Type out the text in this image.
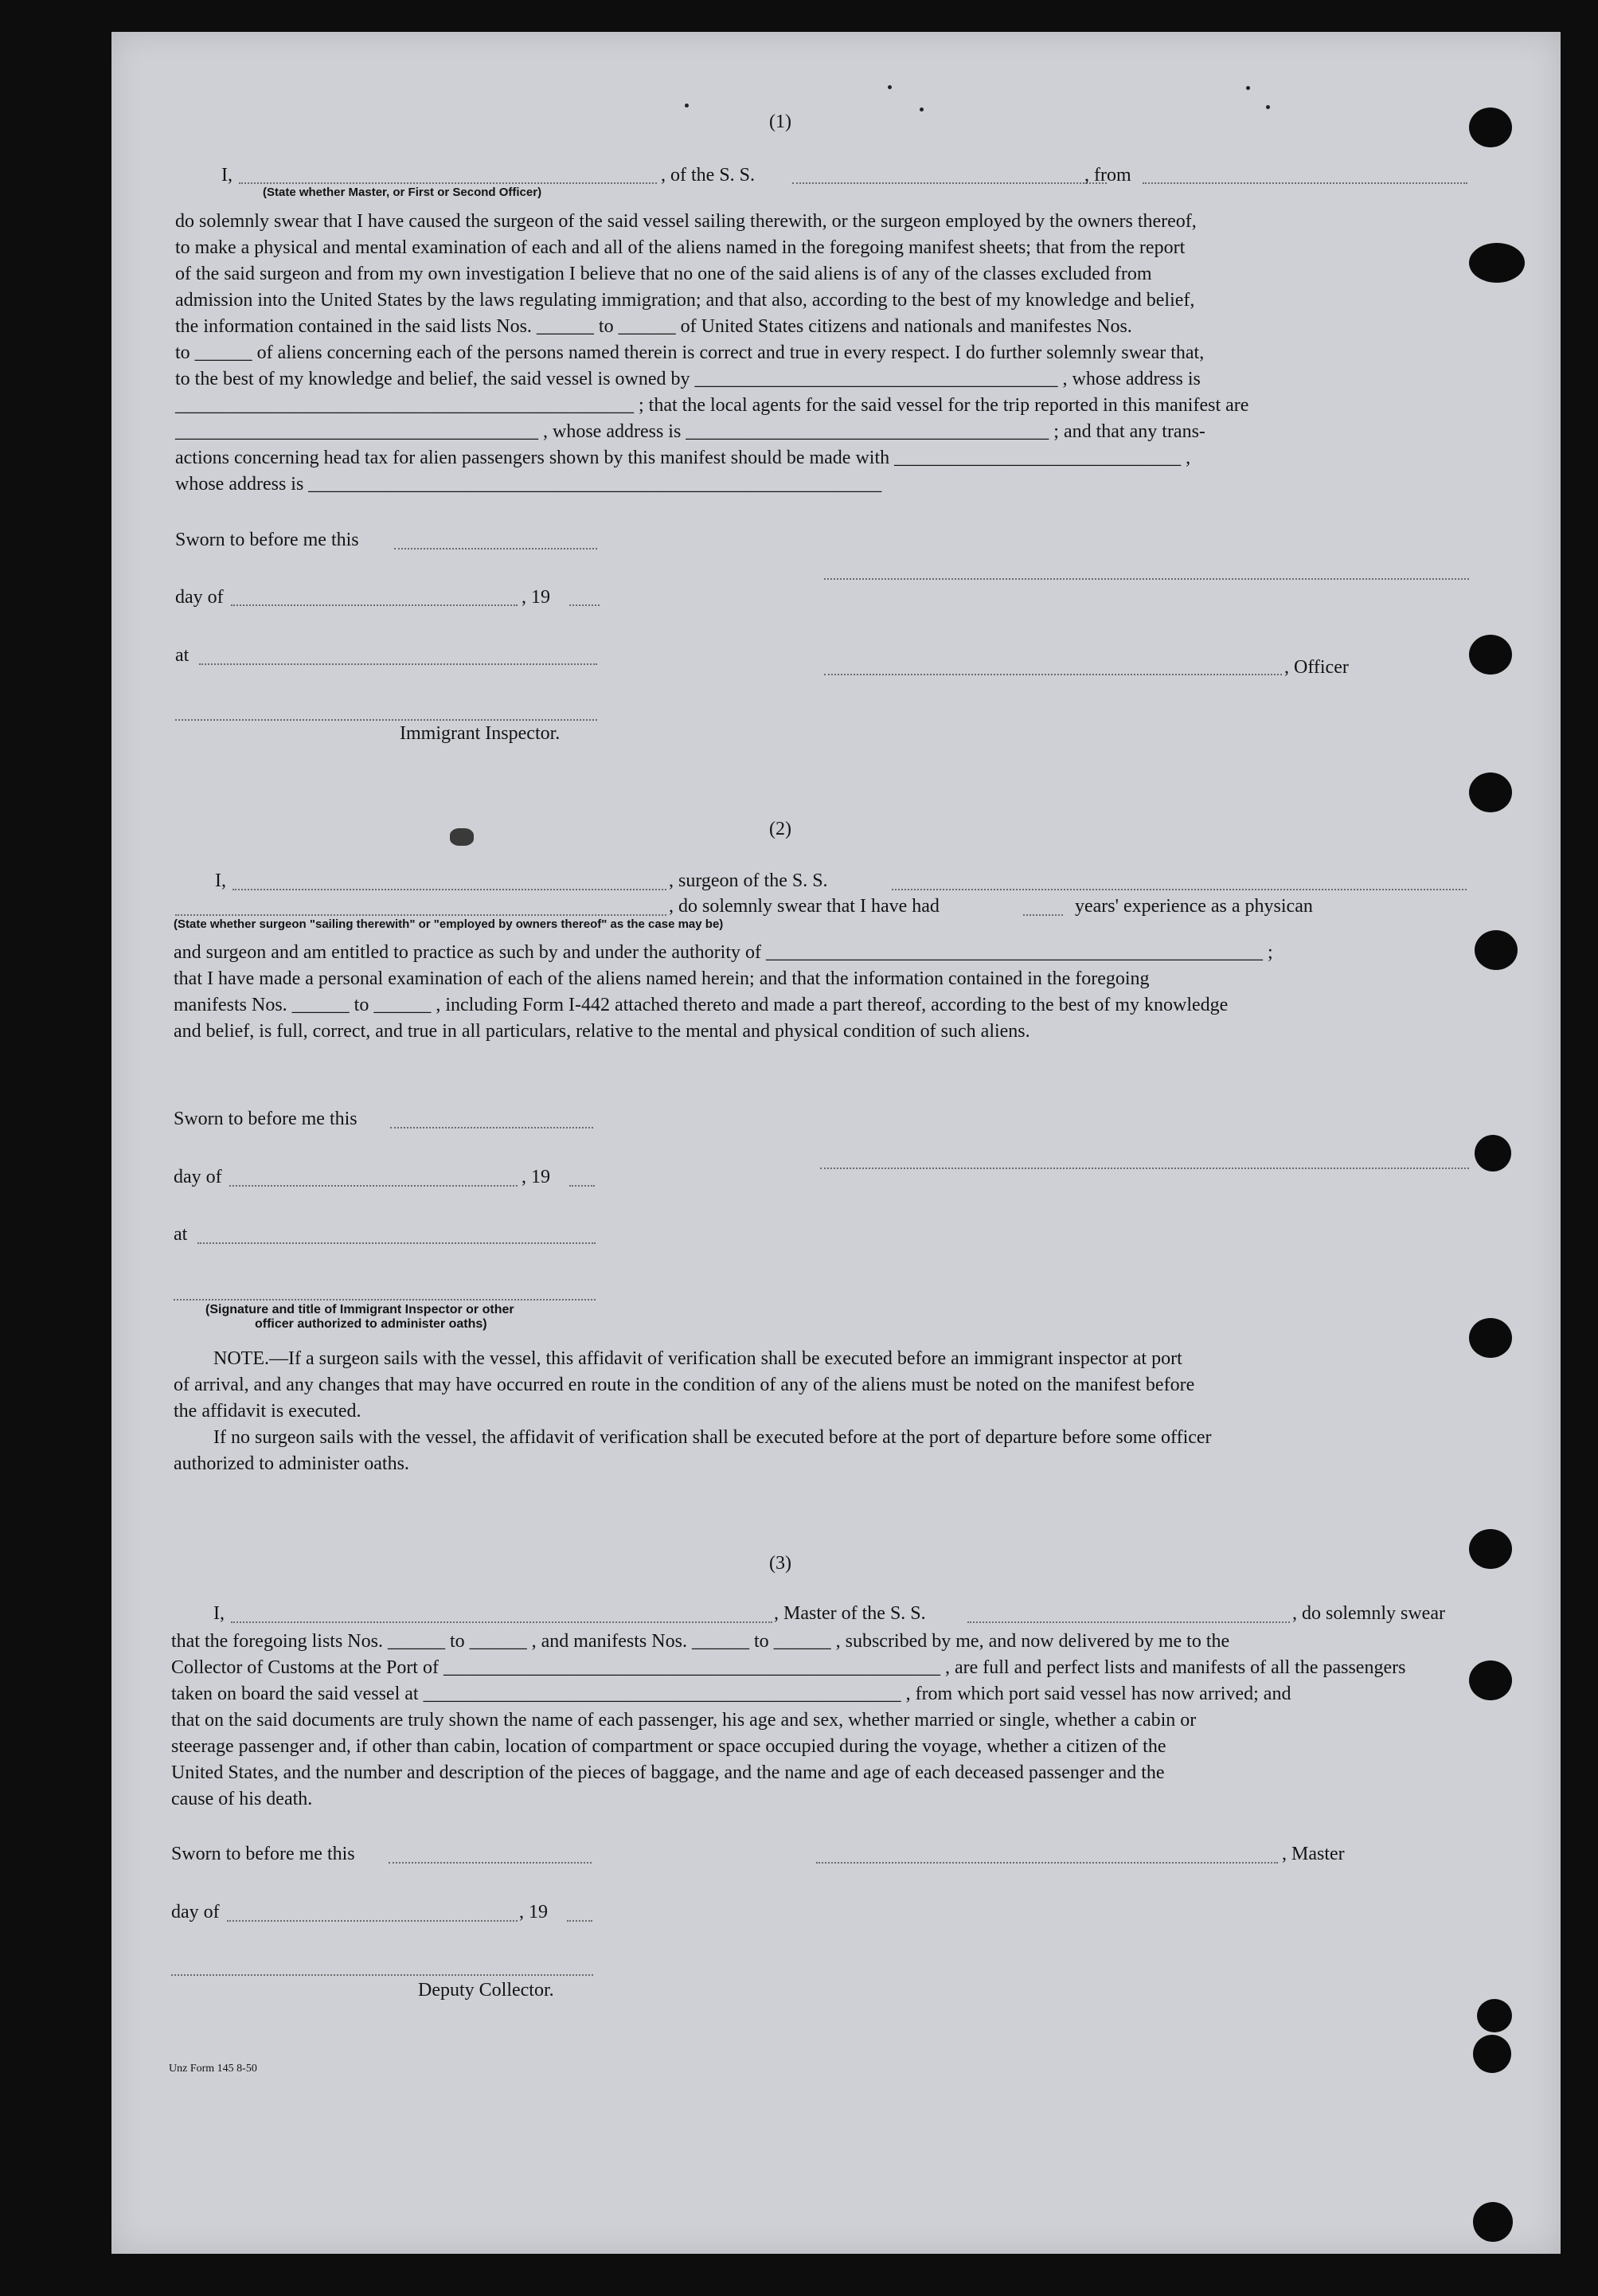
(1)
I,	, of the S. S.	, from
(State whether Master, or First or Second Officer)

do solemnly swear that I have caused the surgeon of the said vessel sailing therewith, or the surgeon employed by the owners thereof,

to make a physical and mental examination of each and all of the aliens named in the foregoing manifest sheets; that from the report

of the said surgeon and from my own investigation I believe that no one of the said aliens is of any of the classes excluded from

admission into the United States by the laws regulating immigration; and that also, according to the best of my knowledge and belief,

the information contained in the said lists Nos. ______ to ______ of United States citizens and nationals and manifestes Nos.

to ______ of aliens concerning each of the persons named therein is correct and true in every respect. I do further solemnly swear that,

to the best of my knowledge and belief, the said vessel is owned by ______________________________________ , whose address is

________________________________________________ ; that the local agents for the said vessel for the trip reported in this manifest are

______________________________________ , whose address is ______________________________________ ; and that any trans-

actions concerning head tax for alien passengers shown by this manifest should be made with ______________________________ ,

whose address is ____________________________________________________________

Sworn to before me this
day of	, 19
at
, Officer
Immigrant Inspector.
(2)
I,	, surgeon of the S. S.
, do solemnly swear that I have had	years' experience as a physican
(State whether surgeon "sailing therewith" or "employed by owners thereof" as the case may be)

and surgeon and am entitled to practice as such by and under the authority of ____________________________________________________ ;

that I have made a personal examination of each of the aliens named herein; and that the information contained in the foregoing

manifests Nos. ______ to ______ , including Form I-442 attached thereto and made a part thereof, according to the best of my knowledge

and belief, is full, correct, and true in all particulars, relative to the mental and physical condition of such aliens.

Sworn to before me this
day of	, 19
at
(Signature and title of Immigrant Inspector or other
officer authorized to administer oaths)

NOTE.—If a surgeon sails with the vessel, this affidavit of verification shall be executed before an immigrant inspector at port

of arrival, and any changes that may have occurred en route in the condition of any of the aliens must be noted on the manifest before

the affidavit is executed.

If no surgeon sails with the vessel, the affidavit of verification shall be executed before at the port of departure before some officer

authorized to administer oaths.

(3)
I,	, Master of the S. S.	, do solemnly swear

that the foregoing lists Nos. ______ to ______ , and manifests Nos. ______ to ______ , subscribed by me, and now delivered by me to the

Collector of Customs at the Port of ____________________________________________________ , are full and perfect lists and manifests of all the passengers

taken on board the said vessel at __________________________________________________ , from which port said vessel has now arrived; and

that on the said documents are truly shown the name of each passenger, his age and sex, whether married or single, whether a cabin or

steerage passenger and, if other than cabin, location of compartment or space occupied during the voyage, whether a citizen of the

United States, and the number and description of the pieces of baggage, and the name and age of each deceased passenger and the

cause of his death.

Sworn to before me this	, Master
day of	, 19
Deputy Collector.
Unz Form 145 8-50
